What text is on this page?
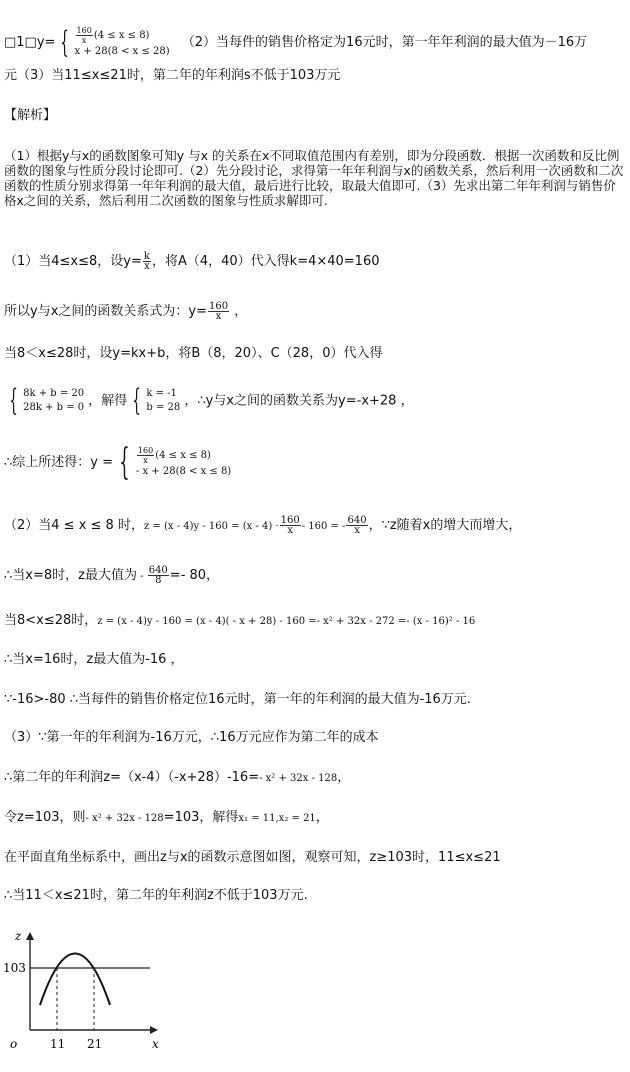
□1□y= { $\frac{160}{x} (4 \le x \le 8)$
x + 28(8 < x ≤ 28)
（2）当每件的销售价格定为16元时，第一年年利润的最大值为－16万
元（3）当11≤x≤21时，第二年的年利润s不低于103万元
【解析】
（1）根据y与x的函数图象可知y 与x 的关系在x不同取值范围内有差别，即为分段函数．根据一次函数和反比例函数的图象与性质分段讨论即可.（2）先分段讨论，求得第一年年利润与x的函数关系，然后利用一次函数和二次函数的性质分别求得第一年年利润的最大值，最后进行比较，取最大值即可.（3）先求出第二年年利润与销售价格x之间的关系，然后利用二次函数的图象与性质求解即可.
（1）当4≤x≤8，设$y= \frac{k}{x}$ ，将A（4，40）代入得k=4×40=160
所以y与x之间的函数关系式为：$y= \frac{160}{x}$ ，
当8＜x≤28时，设y=kx+b，将B（8，20）、C（28，0）代入得
{ 8k + b = 20
28k + b = 0 ，解得 { k = -1
b = 28 ，∴y与x之间的函数关系为y=-x+28 ，
∴综上所述得：y = { $\frac{160}{x} (4 \le x \le 8)$
- x + 28(8 < x ≤ 8)
（2）当4 ≤ x ≤ 8 时，$z = (x - 4)y - 160 = (x - 4) \cdot \frac{160}{x} - 160$ = - $\frac{640}{x}$ ，∵z随着x的增大而增大，
∴当x=8时，z最大值为 - $\frac{640}{8} =- 80$，
当8<x≤28时，z = (x - 4)y - 160 = (x - 4)( - x + 28) - 160 =- x² + 32x - 272 =- (x - 16)² - 16
∴当x=16时，z最大值为-16 ，
∵-16>-80 ∴当每件的销售价格定位16元时，第一年的年利润的最大值为-16万元.
（3）∵第一年的年利润为-16万元，∴16万元应作为第二年的成本
∴第二年的年利润z=（x-4）（-x+28）-16=- x² + 32x - 128，
令z=103，则- x² + 32x - 128=103，解得x₁ = 11,x₂ = 21，
在平面直角坐标系中，画出z与x的函数示意图如图，观察可知，z≥103时，11≤x≤21
∴当11＜x≤21时，第二年的年利润z不低于103万元.
z
x
o
103
11 21
